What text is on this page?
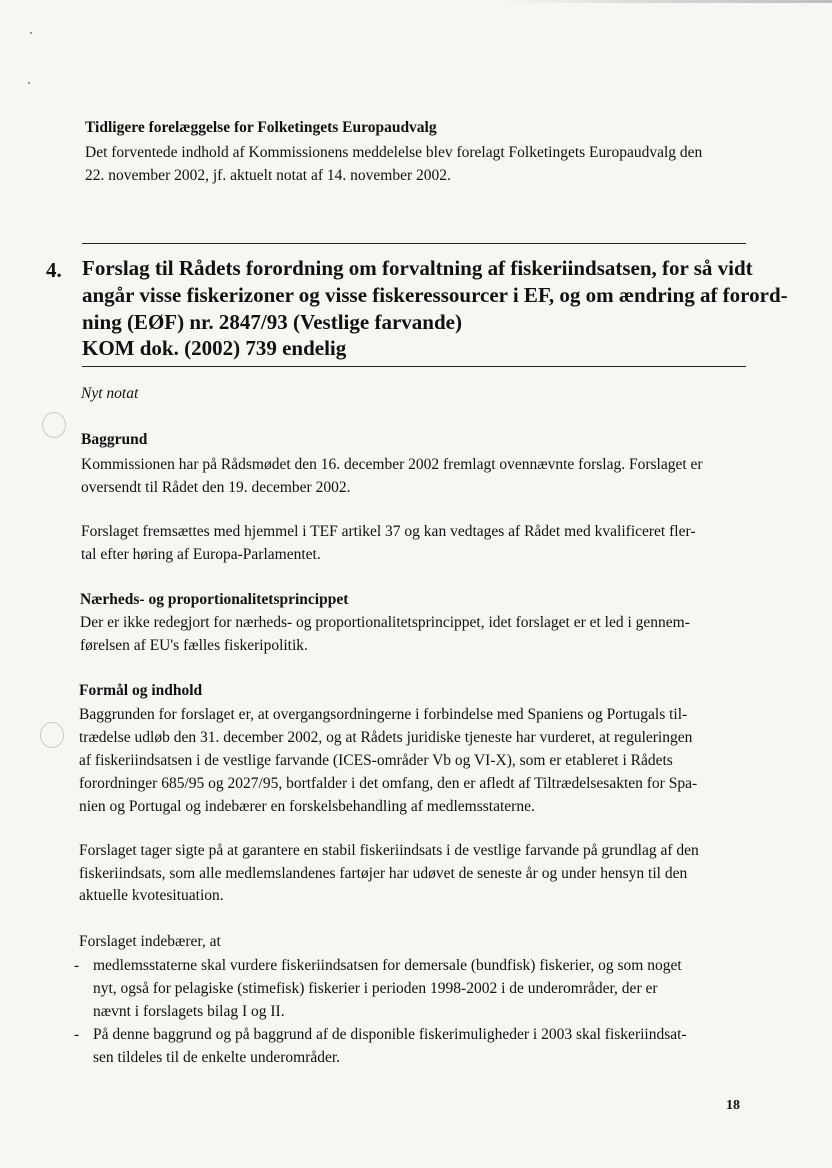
Tidligere forelæggelse for Folketingets Europaudvalg
Det forventede indhold af Kommissionens meddelelse blev forelagt Folketingets Europaudvalg den
22. november 2002, jf. aktuelt notat af 14. november 2002.
4. Forslag til Rådets forordning om forvaltning af fiskeriindsatsen, for så vidt
angår visse fiskerizoner og visse fiskeressourcer i EF, og om ændring af forord-
ning (EØF) nr. 2847/93 (Vestlige farvande)
KOM dok. (2002) 739 endelig
Nyt notat
Baggrund
Kommissionen har på Rådsmødet den 16. december 2002 fremlagt ovennævnte forslag. Forslaget er
oversendt til Rådet den 19. december 2002.
Forslaget fremsættes med hjemmel i TEF artikel 37 og kan vedtages af Rådet med kvalificeret fler-
tal efter høring af Europa-Parlamentet.
Nærheds- og proportionalitetsprincippet
Der er ikke redegjort for nærheds- og proportionalitetsprincippet, idet forslaget er et led i gennem-
førelsen af EU's fælles fiskeripolitik.
Formål og indhold
Baggrunden for forslaget er, at overgangsordningerne i forbindelse med Spaniens og Portugals til-
trædelse udløb den 31. december 2002, og at Rådets juridiske tjeneste har vurderet, at reguleringen
af fiskeriindsatsen i de vestlige farvande (ICES-områder Vb og VI-X), som er etableret i Rådets
forordninger 685/95 og 2027/95, bortfalder i det omfang, den er afledt af Tiltrædelsesakten for Spa-
nien og Portugal og indebærer en forskelsbehandling af medlemsstaterne.
Forslaget tager sigte på at garantere en stabil fiskeriindsats i de vestlige farvande på grundlag af den
fiskeriindsats, som alle medlemslandenes fartøjer har udøvet de seneste år og under hensyn til den
aktuelle kvotesituation.
Forslaget indebærer, at
- medlemsstaterne skal vurdere fiskeriindsatsen for demersale (bundfisk) fiskerier, og som noget
nyt, også for pelagiske (stimefisk) fiskerier i perioden 1998-2002 i de underområder, der er
nævnt i forslagets bilag I og II.
- På denne baggrund og på baggrund af de disponible fiskerimuligheder i 2003 skal fiskeriindsat-
sen tildeles til de enkelte underområder.
18
